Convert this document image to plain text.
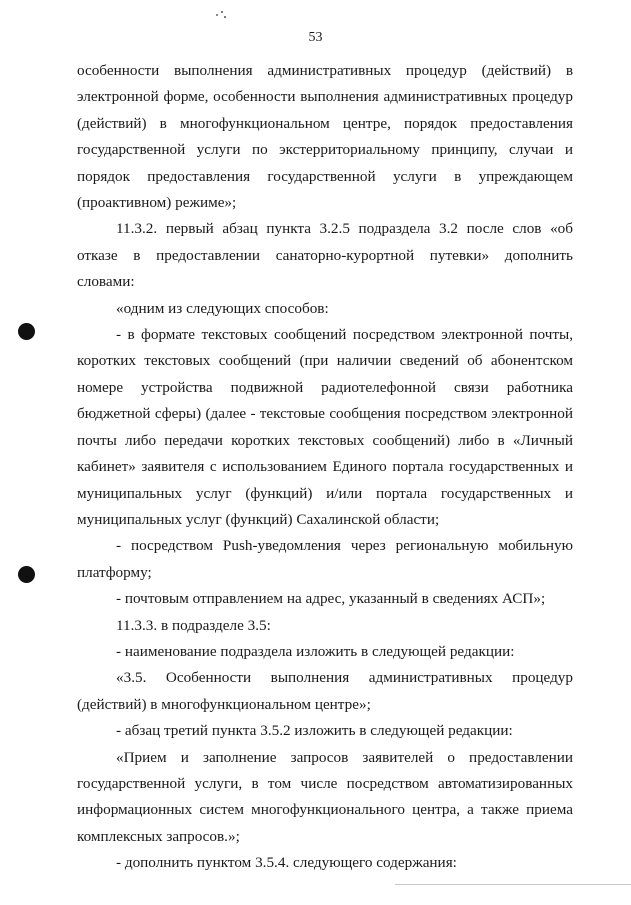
53

особенности выполнения административных процедур (действий) в электронной форме, особенности выполнения административных процедур (действий) в многофункциональном центре, порядок предоставления государственной услуги по экстерриториальному принципу, случаи и порядок предоставления государственной услуги в упреждающем (проактивном) режиме»;

11.3.2. первый абзац пункта 3.2.5 подраздела 3.2 после слов «об отказе в предоставлении санаторно-курортной путевки» дополнить словами:

«одним из следующих способов:

- в формате текстовых сообщений посредством электронной почты, коротких текстовых сообщений (при наличии сведений об абонентском номере устройства подвижной радиотелефонной связи работника бюджетной сферы) (далее - текстовые сообщения посредством электронной почты либо передачи коротких текстовых сообщений) либо в «Личный кабинет» заявителя с использованием Единого портала государственных и муниципальных услуг (функций) и/или портала государственных и муниципальных услуг (функций) Сахалинской области;

- посредством Push-уведомления через региональную мобильную платформу;

- почтовым отправлением на адрес, указанный в сведениях АСП»;

11.3.3. в подразделе 3.5:

- наименование подраздела изложить в следующей редакции:

«3.5. Особенности выполнения административных процедур (действий) в многофункциональном центре»;

- абзац третий пункта 3.5.2 изложить в следующей редакции:

«Прием и заполнение запросов заявителей о предоставлении государственной услуги, в том числе посредством автоматизированных информационных систем многофункционального центра, а также приема комплексных запросов.»;

- дополнить пунктом 3.5.4. следующего содержания:
